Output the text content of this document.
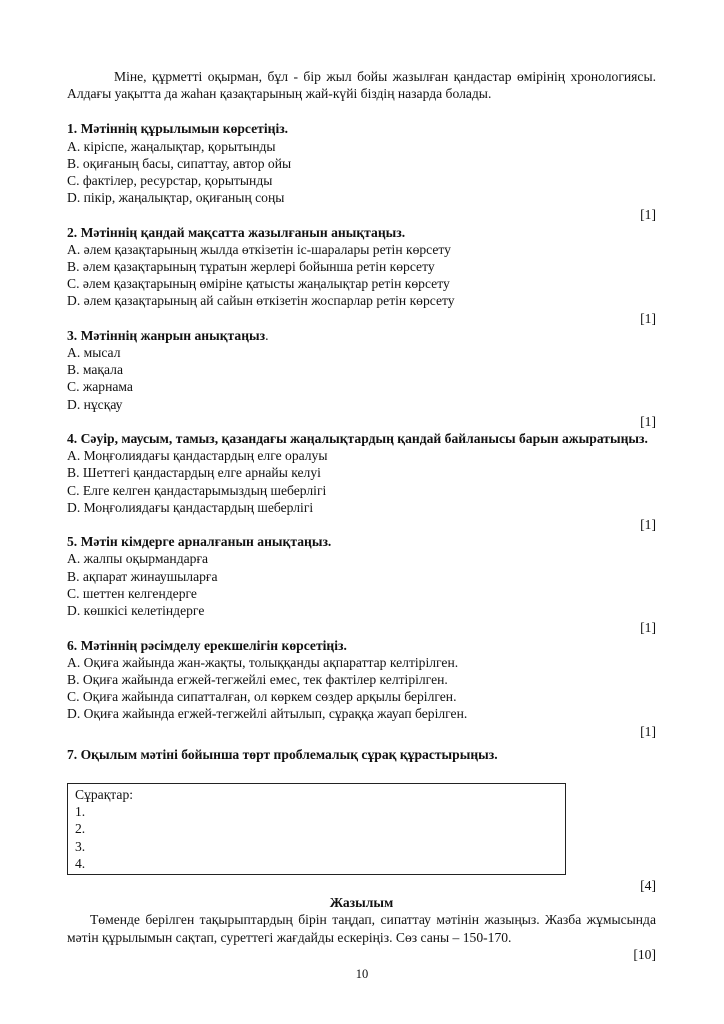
Міне, құрметті оқырман, бұл - бір жыл бойы жазылған қандастар өмірінің хронологиясы. Алдағы уақытта да жаһан қазақтарының жай-күйі біздің назарда болады.

1. Мәтіннің құрылымын көрсетіңіз.

A. кіріспе, жаңалықтар, қорытынды

B. оқиғаның басы, сипаттау, автор ойы

C. фактілер, ресурстар, қорытынды

D. пікір, жаңалықтар, оқиғаның соңы

[1]

2. Мәтіннің қандай мақсатта жазылғанын анықтаңыз.

A. әлем қазақтарының жылда өткізетін іс-шаралары ретін көрсету

B. әлем қазақтарының тұратын жерлері бойынша ретін көрсету

C. әлем қазақтарының өміріне қатысты жаңалықтар ретін көрсету

D. әлем қазақтарының ай сайын өткізетін жоспарлар ретін көрсету

[1]

3. Мәтіннің жанрын анықтаңыз.

A. мысал

B. мақала

C. жарнама

D. нұсқау

[1]

4. Сәуір, маусым, тамыз, қазандағы жаңалықтардың қандай байланысы барын ажыратыңыз.

A. Моңғолиядағы қандастардың елге оралуы

B. Шеттегі қандастардың елге арнайы келуі

C. Елге келген қандастарымыздың шеберлігі

D. Моңғолиядағы қандастардың шеберлігі

[1]

5. Мәтін кімдерге арналғанын анықтаңыз.

A. жалпы оқырмандарға

B. ақпарат жинаушыларға

C. шеттен келгендерге

D. көшкісі келетіндерге

[1]

6. Мәтіннің рәсімделу ерекшелігін көрсетіңіз.

A. Оқиға жайында жан-жақты, толыққанды ақпараттар келтірілген.

B. Оқиға жайында егжей-тегжейлі емес, тек фактілер келтірілген.

C. Оқиға жайында сипатталған, ол көркем сөздер арқылы берілген.

D. Оқиға жайында егжей-тегжейлі айтылып, сұраққа жауап берілген.

[1]

7. Оқылым мәтіні бойынша төрт проблемалық сұрақ құрастырыңыз.

Сұрақтар:
1.
2.
3.
4.

[4]

Жазылым

Төменде берілген тақырыптардың бірін таңдап, сипаттау мәтінін жазыңыз. Жазба жұмысында мәтін құрылымын сақтап, суреттегі жағдайды ескеріңіз. Сөз саны – 150-170.

[10]

10
